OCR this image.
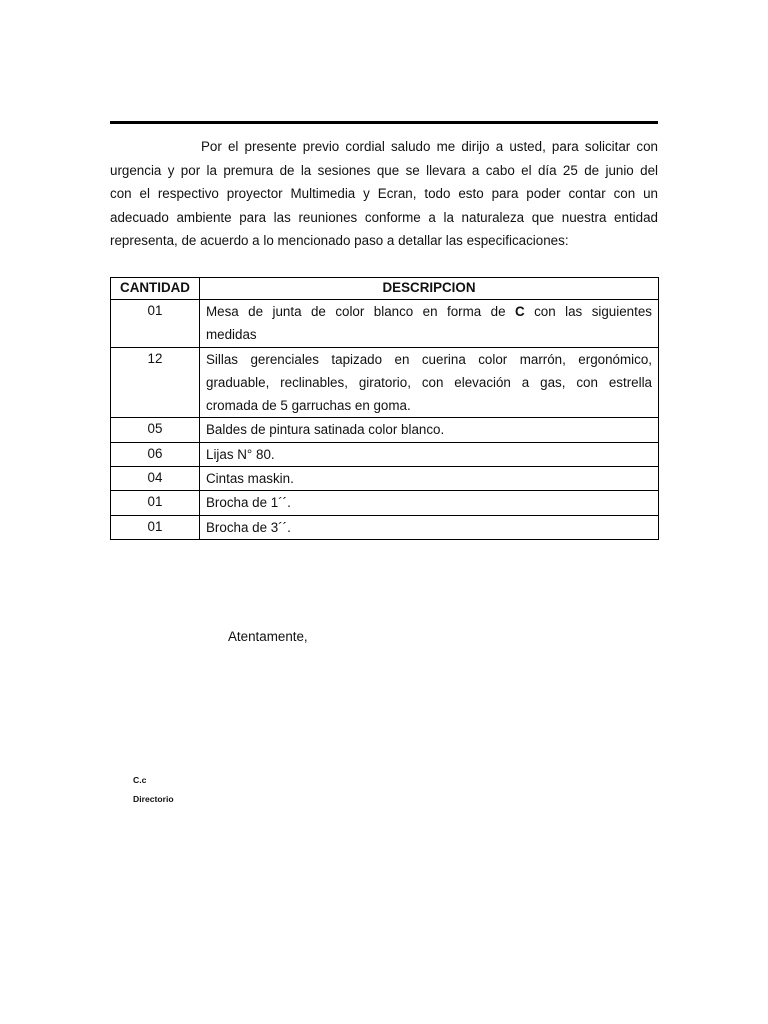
Por el presente previo cordial saludo me dirijo a usted, para solicitar con
urgencia y por la premura de la sesiones que se llevara a cabo el día 25 de junio del
con el respectivo proyector Multimedia y Ecran, todo esto para poder contar con un
adecuado ambiente para las reuniones conforme a la naturaleza que nuestra entidad
representa, de acuerdo a lo mencionado paso a detallar las especificaciones:

CANTIDAD	DESCRIPCION
01	Mesa de junta de color blanco en forma de C con las siguientes
medidas

12	Sillas gerenciales tapizado en cuerina color marrón, ergonómico,
graduable, reclinables, giratorio, con elevación a gas, con estrella
cromada de 5 garruchas en goma.

05	Baldes de pintura satinada color blanco.

06	Lijas N° 80.

04	Cintas maskin.

01	Brocha de 1´´.

01	Brocha de 3´´.
Atentamente,
C.c
Directorio
